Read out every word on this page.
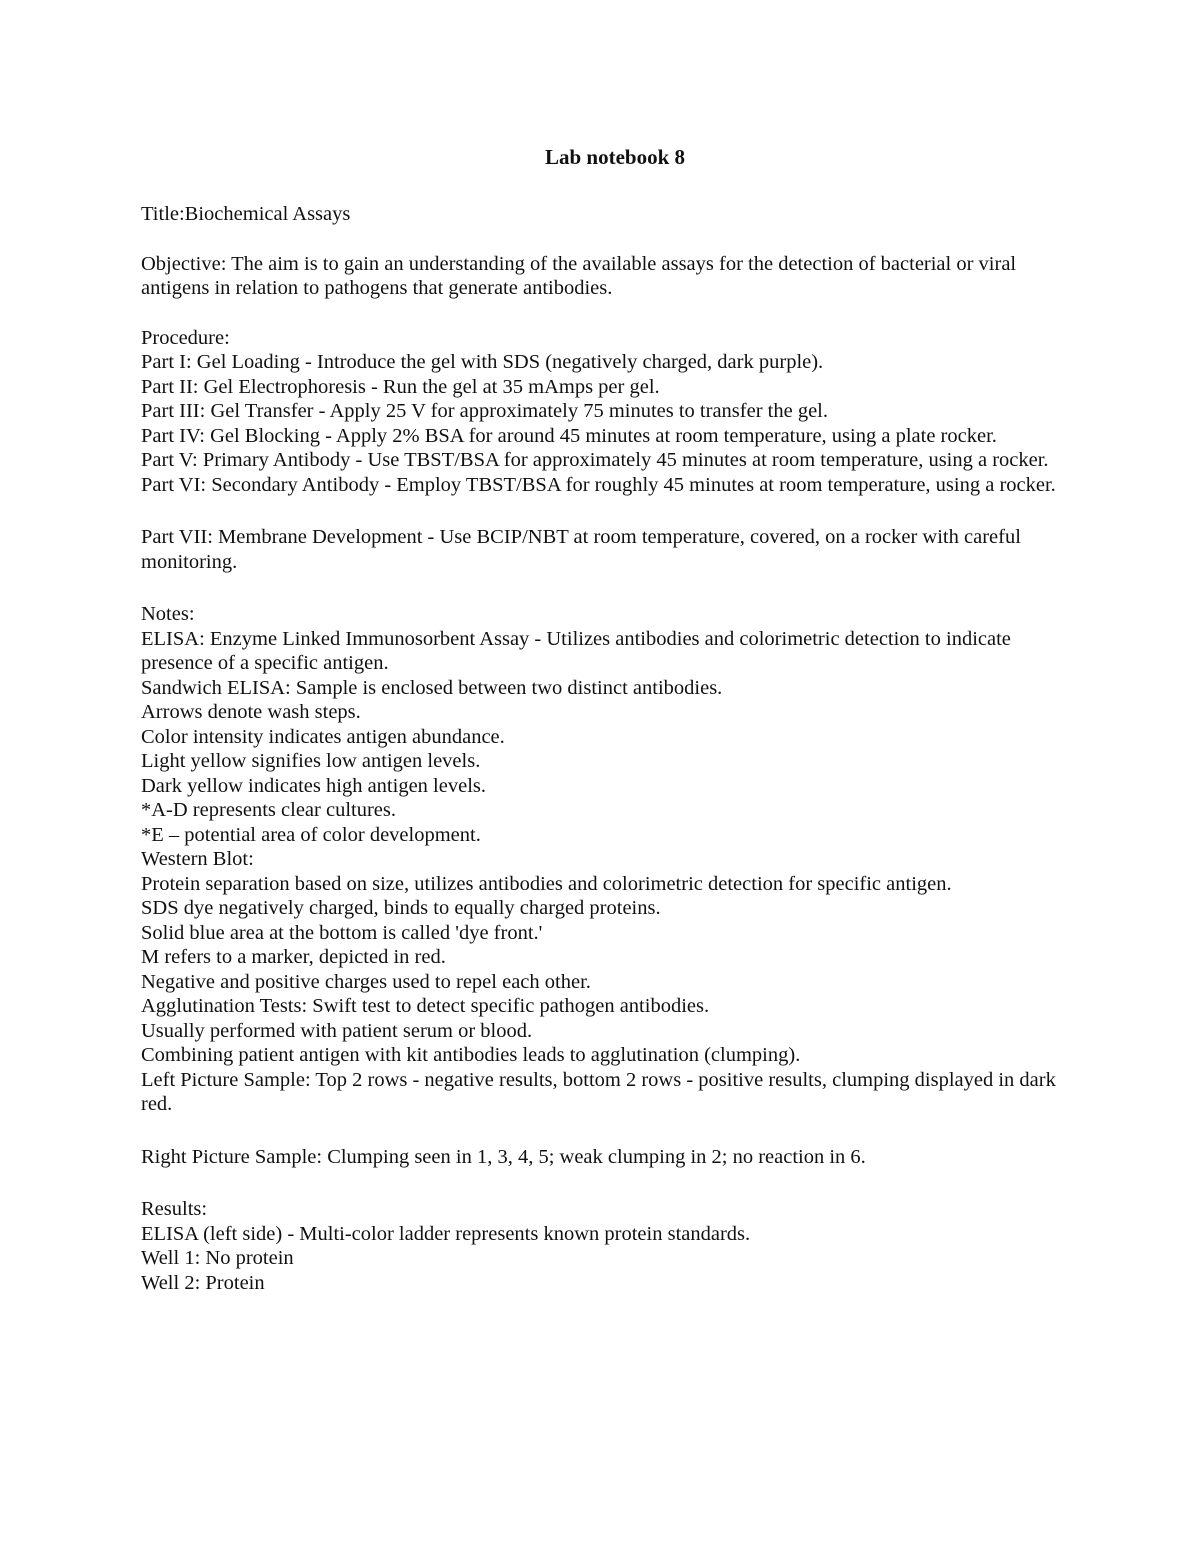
Lab notebook 8

Title:Biochemical Assays

Objective: The aim is to gain an understanding of the available assays for the detection of bacterial or viral antigens in relation to pathogens that generate antibodies.

Procedure:

Part I: Gel Loading - Introduce the gel with SDS (negatively charged, dark purple).

Part II: Gel Electrophoresis - Run the gel at 35 mAmps per gel.

Part III: Gel Transfer - Apply 25 V for approximately 75 minutes to transfer the gel.

Part IV: Gel Blocking - Apply 2% BSA for around 45 minutes at room temperature, using a plate rocker.

Part V: Primary Antibody - Use TBST/BSA for approximately 45 minutes at room temperature, using a rocker.

Part VI: Secondary Antibody - Employ TBST/BSA for roughly 45 minutes at room temperature, using a rocker.

Part VII: Membrane Development - Use BCIP/NBT at room temperature, covered, on a rocker with careful monitoring.

Notes:

ELISA: Enzyme Linked Immunosorbent Assay - Utilizes antibodies and colorimetric detection to indicate presence of a specific antigen.

Sandwich ELISA: Sample is enclosed between two distinct antibodies.

Arrows denote wash steps.

Color intensity indicates antigen abundance.

Light yellow signifies low antigen levels.

Dark yellow indicates high antigen levels.

*A-D represents clear cultures.

*E – potential area of color development.

Western Blot:

Protein separation based on size, utilizes antibodies and colorimetric detection for specific antigen.

SDS dye negatively charged, binds to equally charged proteins.

Solid blue area at the bottom is called 'dye front.'

M refers to a marker, depicted in red.

Negative and positive charges used to repel each other.

Agglutination Tests: Swift test to detect specific pathogen antibodies.

Usually performed with patient serum or blood.

Combining patient antigen with kit antibodies leads to agglutination (clumping).

Left Picture Sample: Top 2 rows - negative results, bottom 2 rows - positive results, clumping displayed in dark red.

Right Picture Sample: Clumping seen in 1, 3, 4, 5; weak clumping in 2; no reaction in 6.

Results:

ELISA (left side) - Multi-color ladder represents known protein standards.

Well 1: No protein

Well 2: Protein
